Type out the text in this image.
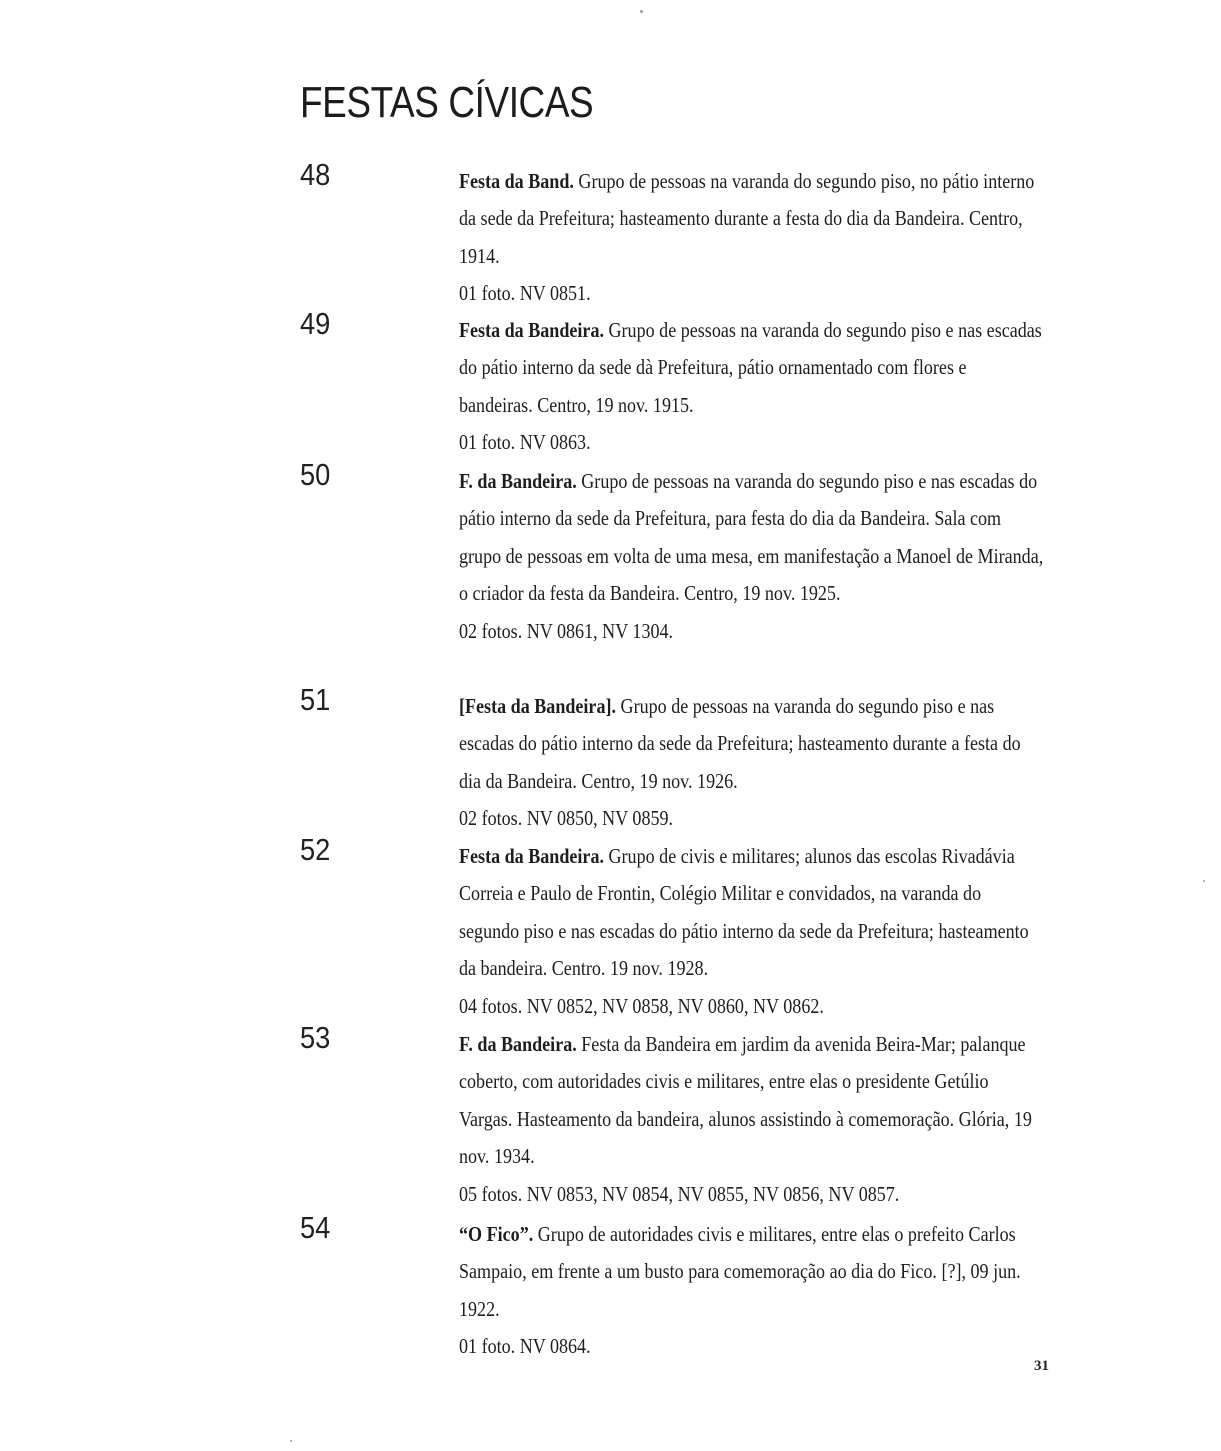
FESTAS CÍVICAS
48	Festa da Band. Grupo de pessoas na varanda do segundo piso, no pátio interno da sede da Prefeitura; hasteamento durante a festa do dia da Bandeira. Centro, 1914.

01 foto. NV 0851.

49	Festa da Bandeira. Grupo de pessoas na varanda do segundo piso e nas escadas do pátio interno da sede dà Prefeitura, pátio ornamentado com flores e bandeiras. Centro, 19 nov. 1915.

01 foto. NV 0863.

50	F. da Bandeira. Grupo de pessoas na varanda do segundo piso e nas escadas do pátio interno da sede da Prefeitura, para festa do dia da Bandeira. Sala com grupo de pessoas em volta de uma mesa, em manifestação a Manoel de Miranda, o criador da festa da Bandeira. Centro, 19 nov. 1925.

02 fotos. NV 0861, NV 1304.

51	[Festa da Bandeira]. Grupo de pessoas na varanda do segundo piso e nas escadas do pátio interno da sede da Prefeitura; hasteamento durante a festa do dia da Bandeira. Centro, 19 nov. 1926.

02 fotos. NV 0850, NV 0859.

52	Festa da Bandeira. Grupo de civis e militares; alunos das escolas Rivadávia Correia e Paulo de Frontin, Colégio Militar e convidados, na varanda do segundo piso e nas escadas do pátio interno da sede da Prefeitura; hasteamento da bandeira. Centro. 19 nov. 1928.

04 fotos. NV 0852, NV 0858, NV 0860, NV 0862.

53	F. da Bandeira. Festa da Bandeira em jardim da avenida Beira-Mar; palanque coberto, com autoridades civis e militares, entre elas o presidente Getúlio Vargas. Hasteamento da bandeira, alunos assistindo à comemoração. Glória, 19 nov. 1934.

05 fotos. NV 0853, NV 0854, NV 0855, NV 0856, NV 0857.

54	“O Fico”. Grupo de autoridades civis e militares, entre elas o prefeito Carlos Sampaio, em frente a um busto para comemoração ao dia do Fico. [?], 09 jun. 1922.

01 foto. NV 0864.

31
